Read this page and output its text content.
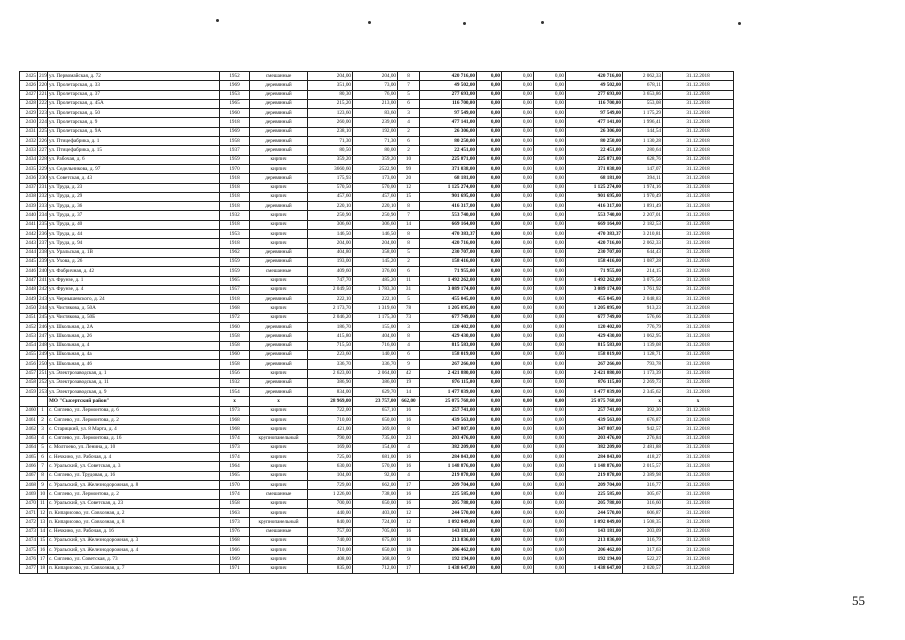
2425	219	ул. Первомайская, д. 72	1952	смешанные	204,00	204,00	8	420 716,00	0,00	0,00	0,00	420 716,00	2 062,33	31.12.2018
2426	220	ул. Пролетарская, д. 33	1969	деревянный	351,00	73,00	7	49 502,00	0,00	0,00	0,00	49 502,00	678,11	31.12.2018
2427	221	ул. Пролетарская, д. 37	1953	деревянный	80,30	76,00	5	277 693,00	0,00	0,00	0,00	277 693,00	3 653,86	31.12.2018
2428	222	ул. Пролетарская, д. 45А	1965	деревянный	215,20	213,00	6	116 700,00	0,00	0,00	0,00	116 700,00	553,08	31.12.2018
2429	223	ул. Пролетарская, д. 50	1960	деревянный	123,60	83,60	3	97 549,00	0,00	0,00	0,00	97 549,00	1 175,29	31.12.2018
2430	224	ул. Пролетарская, д. 9	1918	деревянный	260,00	239,00	4	477 141,00	0,00	0,00	0,00	477 141,00	1 996,41	31.12.2018
2431	225	ул. Пролетарская, д. 9А	1969	деревянный	238,10	192,00	2	26 306,00	0,00	0,00	0,00	26 306,00	144,54	31.12.2018
2432	226	ул. Птицефабрика, д. 1	1958	деревянный	71,30	71,30	6	80 250,00	0,00	0,00	0,00	80 250,00	1 130,28	31.12.2018
2433	227	ул. Птицефабрика, д. 15	1937	деревянный	80,50	80,00	2	22 451,00	0,00	0,00	0,00	22 451,00	280,64	31.12.2018
2434	228	ул. Рабочая, д. 6	1959	кирпич	359,20	359,20	10	225 871,00	0,00	0,00	0,00	225 871,00	628,76	31.12.2018
2435	229	ул. Седельникова, д. 97	1970	кирпич	3660,60	2522,90	99	371 038,00	0,00	0,00	0,00	371 038,00	147,07	31.12.2018
2436	230	ул. Советская, д. 43	1918	деревянный	175,93	173,00	20	68 181,00	0,00	0,00	0,00	68 181,00	394,11	31.12.2018
2437	231	ул. Труда, д. 23	1918	кирпич	570,50	570,00	12	1 125 274,00	0,00	0,00	0,00	1 125 274,00	1 974,16	31.12.2018
2438	232	ул. Труда, д. 29	1918	кирпич	457,60	457,60	15	901 695,00	0,00	0,00	0,00	901 695,00	1 970,49	31.12.2018
2439	233	ул. Труда, д. 36	1918	деревянный	220,10	220,10	8	416 317,00	0,00	0,00	0,00	416 317,00	1 891,49	31.12.2018
2440	234	ул. Труда, д. 37	1932	кирпич	250,90	250,90	7	553 740,00	0,00	0,00	0,00	553 740,00	2 207,01	31.12.2018
2441	235	ул. Труда, д. 40	1918	кирпич	306,60	306,60	14	669 164,00	0,00	0,00	0,00	669 164,00	2 182,53	31.12.2018
2442	236	ул. Труда, д. 44	1953	кирпич	146,50	146,50	8	470 383,37	0,00	0,00	0,00	470 383,37	3 210,81	31.12.2018
2443	237	ул. Труда, д. 94	1918	кирпич	204,00	204,00	8	420 716,00	0,00	0,00	0,00	420 716,00	2 062,33	31.12.2018
2444	238	ул. Уральская, д. 1В	1962	деревянный	404,80	358,00	5	230 707,00	0,00	0,00	0,00	230 707,00	644,43	31.12.2018
2445	239	ул. Ухова, д. 26	1959	деревянный	193,00	145,20	2	158 416,00	0,00	0,00	0,00	158 416,00	1 087,28	31.12.2018
2446	240	ул. Фабричная, д. 42	1959	смешанные	409,60	376,00	6	71 955,00	0,00	0,00	0,00	71 955,00	214,15	31.12.2018
2447	241	ул. Фрунзе, д. 1	1965	кирпич	747,70	485,20	11	1 492 262,00	0,00	0,00	0,00	1 492 262,00	3 075,56	31.12.2018
2448	242	ул. Фрунзе, д. 4	1957	кирпич	2 049,50	1 783,30	31	3 089 174,00	0,00	0,00	0,00	3 089 174,00	1 761,92	31.12.2018
2449	243	ул. Чернышевского, д. 24	1918	деревянный	222,10	222,10	5	455 045,00	0,00	0,00	0,00	455 045,00	2 048,83	31.12.2018
2450	244	ул. Чистякова, д. 50А	1968	кирпич	2 173,70	1 319,60	78	1 205 095,00	0,00	0,00	0,00	1 205 095,00	913,23	31.12.2018
2451	245	ул. Чистякова, д. 50Б	1972	кирпич	2 046,20	1 175,30	73	677 749,00	0,00	0,00	0,00	677 749,00	576,66	31.12.2018
2452	246	ул. Школьная, д. 2А	1960	деревянный	186,70	155,00	3	120 402,00	0,00	0,00	0,00	120 402,00	776,79	31.12.2018
2453	247	ул. Школьная, д. 26	1958	деревянный	415,80	404,00	8	429 430,00	0,00	0,00	0,00	429 430,00	1 062,95	31.12.2018
2454	248	ул. Школьная, д. 4	1958	деревянный	715,50	716,00	4	815 583,00	0,00	0,00	0,00	815 583,00	1 139,08	31.12.2018
2455	249	ул. Школьная, д. 4а	1960	деревянный	223,60	140,00	6	158 019,00	0,00	0,00	0,00	158 019,00	1 128,71	31.12.2018
2456	250	ул. Школьная, д. 46	1958	деревянный	336,70	336,70	9	267 266,00	0,00	0,00	0,00	267 266,00	793,78	31.12.2018
2457	251	ул. Электрозаводская, д. 1	1956	кирпич	2 623,00	2 064,00	42	2 421 880,00	0,00	0,00	0,00	2 421 880,00	1 173,39	31.12.2018
2458	252	ул. Электрозаводская, д. 11	1932	деревянный	386,90	386,00	19	876 115,00	0,00	0,00	0,00	876 115,00	2 269,73	31.12.2018
2459	253	ул. Электрозаводская, д. 9	1954	деревянный	834,00	629,70	14	1 477 039,00	0,00	0,00	0,00	1 477 039,00	2 345,62	31.12.2018
		МО "Сысертский район"	х	х	28 969,00	23 757,00	662,00	25 075 768,00	0,00	0,00	0,00	25 075 768,00	х	х
2460	1	с. Сиглево, ул. Лермонтова, д. 6	1973	кирпич	722,00	657,10	16	257 741,00	0,00	0,00	0,00	257 741,00	392,30	31.12.2018
2461	2	с. Сиглево, ул. Лермонтова, д. 2	1968	кирпич	710,00	650,00	16	439 563,00	0,00	0,00	0,00	439 563,00	676,87	31.12.2018
2462	3	с. Старицкий, ул. 8 Марта, д. 4	1968	кирпич	421,00	369,00	8	347 807,00	0,00	0,00	0,00	347 807,00	942,57	31.12.2018
2463	4	с. Сиглево, ул. Лермонтова, д. 16	1974	крупнопанельный	790,00	735,00	23	203 476,00	0,00	0,00	0,00	203 476,00	276,84	31.12.2018
2464	5	с. Молтоево, ул. Ленина, д. 10	1973	кирпич	169,00	154,00	4	382 209,00	0,00	0,00	0,00	382 209,00	2 481,88	31.12.2018
2465	6	с. Нечкино, ул. Рабочая, д. 4	1974	кирпич	725,00	681,00	16	284 843,00	0,00	0,00	0,00	284 843,00	418,27	31.12.2018
2466	7	с. Уральский, ул. Советская, д. 3	1964	кирпич	630,00	570,00	16	1 148 876,00	0,00	0,00	0,00	1 148 876,00	2 015,57	31.12.2018
2467	8	с. Сиглево, ул. Трудовая, д. 16	1965	кирпич	104,00	92,00	4	219 878,00	0,00	0,00	0,00	219 878,00	2 389,98	31.12.2018
2468	9	с. Уральский, ул. Железнодорожная, д. 8	1970	кирпич	729,00	662,00	17	209 704,00	0,00	0,00	0,00	209 704,00	316,77	31.12.2018
2469	10	с. Сиглево, ул. Лермонтова, д. 2	1974	смешанные	1 226,00	738,00	16	225 585,00	0,00	0,00	0,00	225 585,00	305,67	31.12.2018
2470	11	с. Уральский, ул. Советская, д. 23	1958	кирпич	700,00	650,00	16	205 788,00	0,00	0,00	0,00	205 788,00	316,60	31.12.2018
2471	12	п. Кипарисово, ул. Совхозная, д. 2	1963	кирпич	440,00	403,00	12	244 570,00	0,00	0,00	0,00	244 570,00	606,87	31.12.2018
2472	13	п. Кипарисово, ул. Совхозная, д. 8	1973	крупнопанельный	840,00	724,00	12	1 092 049,00	0,00	0,00	0,00	1 092 049,00	1 508,35	31.12.2018
2473	14	с. Нечкино, ул. Рабочая, д. 16	1976	смешанные	757,00	705,00	16	143 181,00	0,00	0,00	0,00	143 181,00	203,09	31.12.2018
2474	15	с. Уральский, ул. Железнодорожная, д. 3	1968	кирпич	740,00	675,00	16	213 836,00	0,00	0,00	0,00	213 836,00	316,79	31.12.2018
2475	16	с. Уральский, ул. Железнодорожная, д. 4	1966	кирпич	710,00	650,00	18	206 462,00	0,00	0,00	0,00	206 462,00	317,63	31.12.2018
2476	17	с. Сиглево, ул. Советская, д. 73	1969	кирпич	408,00	368,00	9	192 194,00	0,00	0,00	0,00	192 194,00	522,27	31.12.2018
2477	18	п. Кипарисово, ул. Совхозная, д. 7	1971	кирпич	835,00	712,00	17	1 438 647,00	0,00	0,00	0,00	1 438 647,00	2 020,57	31.12.2018
55
